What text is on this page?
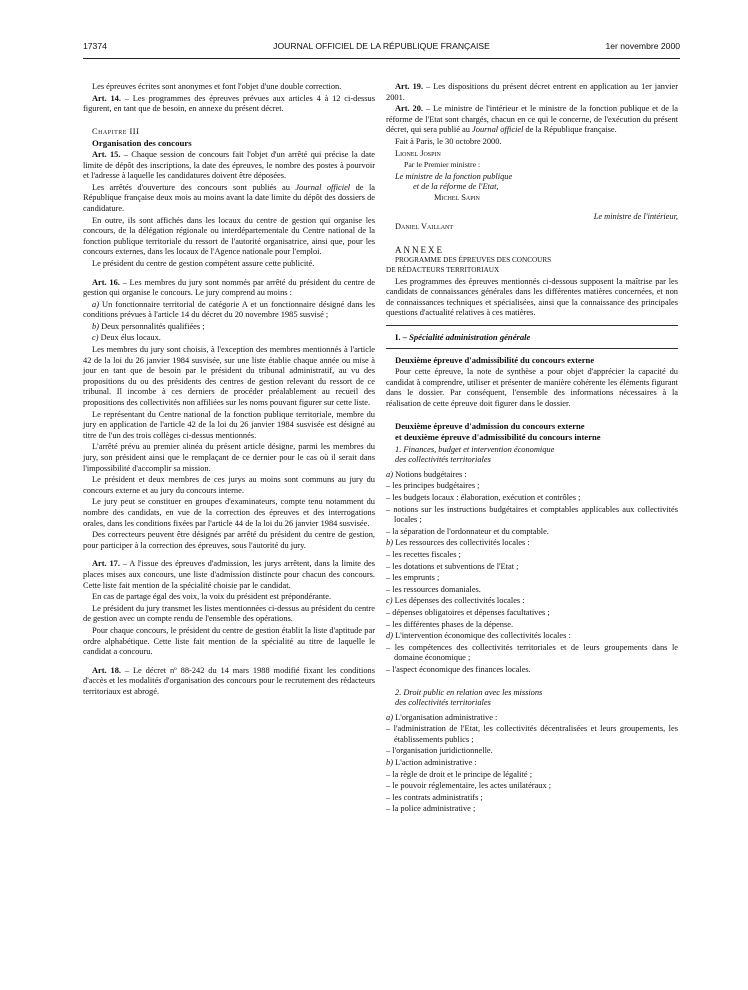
17374	JOURNAL OFFICIEL DE LA RÉPUBLIQUE FRANÇAISE	1er novembre 2000

Les épreuves écrites sont anonymes et font l'objet d'une double correction.

Art. 14. – Les programmes des épreuves prévues aux articles 4 à 12 ci-dessus figurent, en tant que de besoin, en annexe du présent décret.

Chapitre III

Organisation des concours

Art. 15. – Chaque session de concours fait l'objet d'un arrêté qui précise la date limite de dépôt des inscriptions, la date des épreuves, le nombre des postes à pourvoir et l'adresse à laquelle les candidatures doivent être déposées.

Les arrêtés d'ouverture des concours sont publiés au Journal officiel de la République française deux mois au moins avant la date limite du dépôt des dossiers de candidature.

En outre, ils sont affichés dans les locaux du centre de gestion qui organise les concours, de la délégation régionale ou interdépartementale du Centre national de la fonction publique territoriale du ressort de l'autorité organisatrice, ainsi que, pour les concours externes, dans les locaux de l'Agence nationale pour l'emploi.

Le président du centre de gestion compétent assure cette publicité.

Art. 16. – Les membres du jury sont nommés par arrêté du président du centre de gestion qui organise le concours. Le jury comprend au moins :

a) Un fonctionnaire territorial de catégorie A et un fonctionnaire désigné dans les conditions prévues à l'article 14 du décret du 20 novembre 1985 susvisé ;

b) Deux personnalités qualifiées ;

c) Deux élus locaux.

Les membres du jury sont choisis, à l'exception des membres mentionnés à l'article 42 de la loi du 26 janvier 1984 susvisée, sur une liste établie chaque année ou mise à jour en tant que de besoin par le président du tribunal administratif, au vu des propositions du ou des présidents des centres de gestion relevant du ressort de ce tribunal. Il incombe à ces derniers de procéder préalablement au recueil des propositions des collectivités non affiliées sur les noms pouvant figurer sur cette liste.

Le représentant du Centre national de la fonction publique territoriale, membre du jury en application de l'article 42 de la loi du 26 janvier 1984 susvisée est désigné au titre de l'un des trois collèges ci-dessus mentionnés.

L'arrêté prévu au premier alinéa du présent article désigne, parmi les membres du jury, son président ainsi que le remplaçant de ce dernier pour le cas où il serait dans l'impossibilité d'accomplir sa mission.

Le président et deux membres de ces jurys au moins sont communs au jury du concours externe et au jury du concours interne.

Le jury peut se constituer en groupes d'examinateurs, compte tenu notamment du nombre des candidats, en vue de la correction des épreuves et des interrogations orales, dans les conditions fixées par l'article 44 de la loi du 26 janvier 1984 susvisée.

Des correcteurs peuvent être désignés par arrêté du président du centre de gestion, pour participer à la correction des épreuves, sous l'autorité du jury.

Art. 17. – A l'issue des épreuves d'admission, les jurys arrêtent, dans la limite des places mises aux concours, une liste d'admission distincte pour chacun des concours. Cette liste fait mention de la spécialité choisie par le candidat.

En cas de partage égal des voix, la voix du président est prépondérante.

Le président du jury transmet les listes mentionnées ci-dessus au président du centre de gestion avec un compte rendu de l'ensemble des opérations.

Pour chaque concours, le président du centre de gestion établit la liste d'aptitude par ordre alphabétique. Cette liste fait mention de la spécialité au titre de laquelle le candidat a concouru.

Art. 18. – Le décret nº 88-242 du 14 mars 1988 modifié fixant les conditions d'accès et les modalités d'organisation des concours pour le recrutement des rédacteurs territoriaux est abrogé.

Art. 19. – Les dispositions du présent décret entrent en application au 1er janvier 2001.

Art. 20. – Le ministre de l'intérieur et le ministre de la fonction publique et de la réforme de l'Etat sont chargés, chacun en ce qui le concerne, de l'exécution du présent décret, qui sera publié au Journal officiel de la République française.

Fait à Paris, le 30 octobre 2000.

Lionel Jospin

Par le Premier ministre :

Le ministre de la fonction publique

et de la réforme de l'Etat,

Michel Sapin

Le ministre de l'intérieur,

Daniel Vaillant

ANNEXE

PROGRAMME DES ÉPREUVES DES CONCOURS
DE RÉDACTEURS TERRITORIAUX

Les programmes des épreuves mentionnés ci-dessous supposent la maîtrise par les candidats de connaissances générales dans les différentes matières concernées, et non de connaissances techniques et spécialisées, ainsi que la connaissance des principales questions d'actualité relatives à ces matières.

I. – Spécialité administration générale

Deuxième épreuve d'admissibilité du concours externe

Pour cette épreuve, la note de synthèse a pour objet d'apprécier la capacité du candidat à comprendre, utiliser et présenter de manière cohérente les éléments figurant dans le dossier. Par conséquent, l'ensemble des informations nécessaires à la réalisation de cette épreuve doit figurer dans le dossier.

Deuxième épreuve d'admission du concours externe

et deuxième épreuve d'admissibilité du concours interne

1. Finances, budget et intervention économique

des collectivités territoriales

a) Notions budgétaires :

– les principes budgétaires ;

– les budgets locaux : élaboration, exécution et contrôles ;

– notions sur les instructions budgétaires et comptables applicables aux collectivités locales ;

– la séparation de l'ordonnateur et du comptable.

b) Les ressources des collectivités locales :

– les recettes fiscales ;

– les dotations et subventions de l'Etat ;

– les emprunts ;

– les ressources domaniales.

c) Les dépenses des collectivités locales :

– dépenses obligatoires et dépenses facultatives ;

– les différentes phases de la dépense.

d) L'intervention économique des collectivités locales :

– les compétences des collectivités territoriales et de leurs groupements dans le domaine économique ;

– l'aspect économique des finances locales.

2. Droit public en relation avec les missions

des collectivités territoriales

a) L'organisation administrative :

– l'administration de l'Etat, les collectivités décentralisées et leurs groupements, les établissements publics ;

– l'organisation juridictionnelle.

b) L'action administrative :

– la règle de droit et le principe de légalité ;

– le pouvoir réglementaire, les actes unilatéraux ;

– les contrats administratifs ;

– la police administrative ;
